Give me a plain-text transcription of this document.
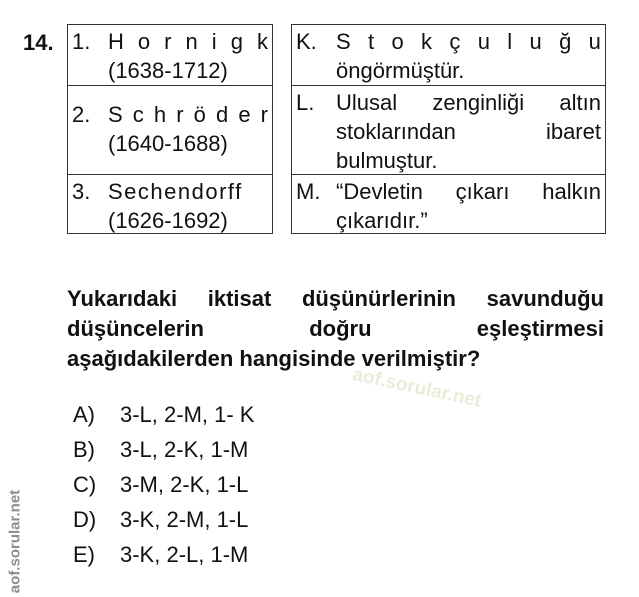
14. 1. H o r n i g k
(1638-1712)
2. S c h r ö d e r
(1640-1688)
3. Sechendorff
(1626-1692)
K. S t o k ç u l u ğ u
öngörmüştür.
L. Ulusal zenginliği altın
stoklarından	ibaret
bulmuştur.
M. “Devletin çıkarı halkın
çıkarıdır.”
Yukarıdaki iktisat düşünürlerinin savunduğu
düşüncelerin	doğru	eşleştirmesi
aşağıdakilerden hangisinde verilmiştir?
aof.sorular.net
A)	3-L, 2-M, 1- K
B)	3-L, 2-K, 1-M
C)	3-M, 2-K, 1-L
D)	3-K, 2-M, 1-L
E)	3-K, 2-L, 1-M
aof.sorular.net
